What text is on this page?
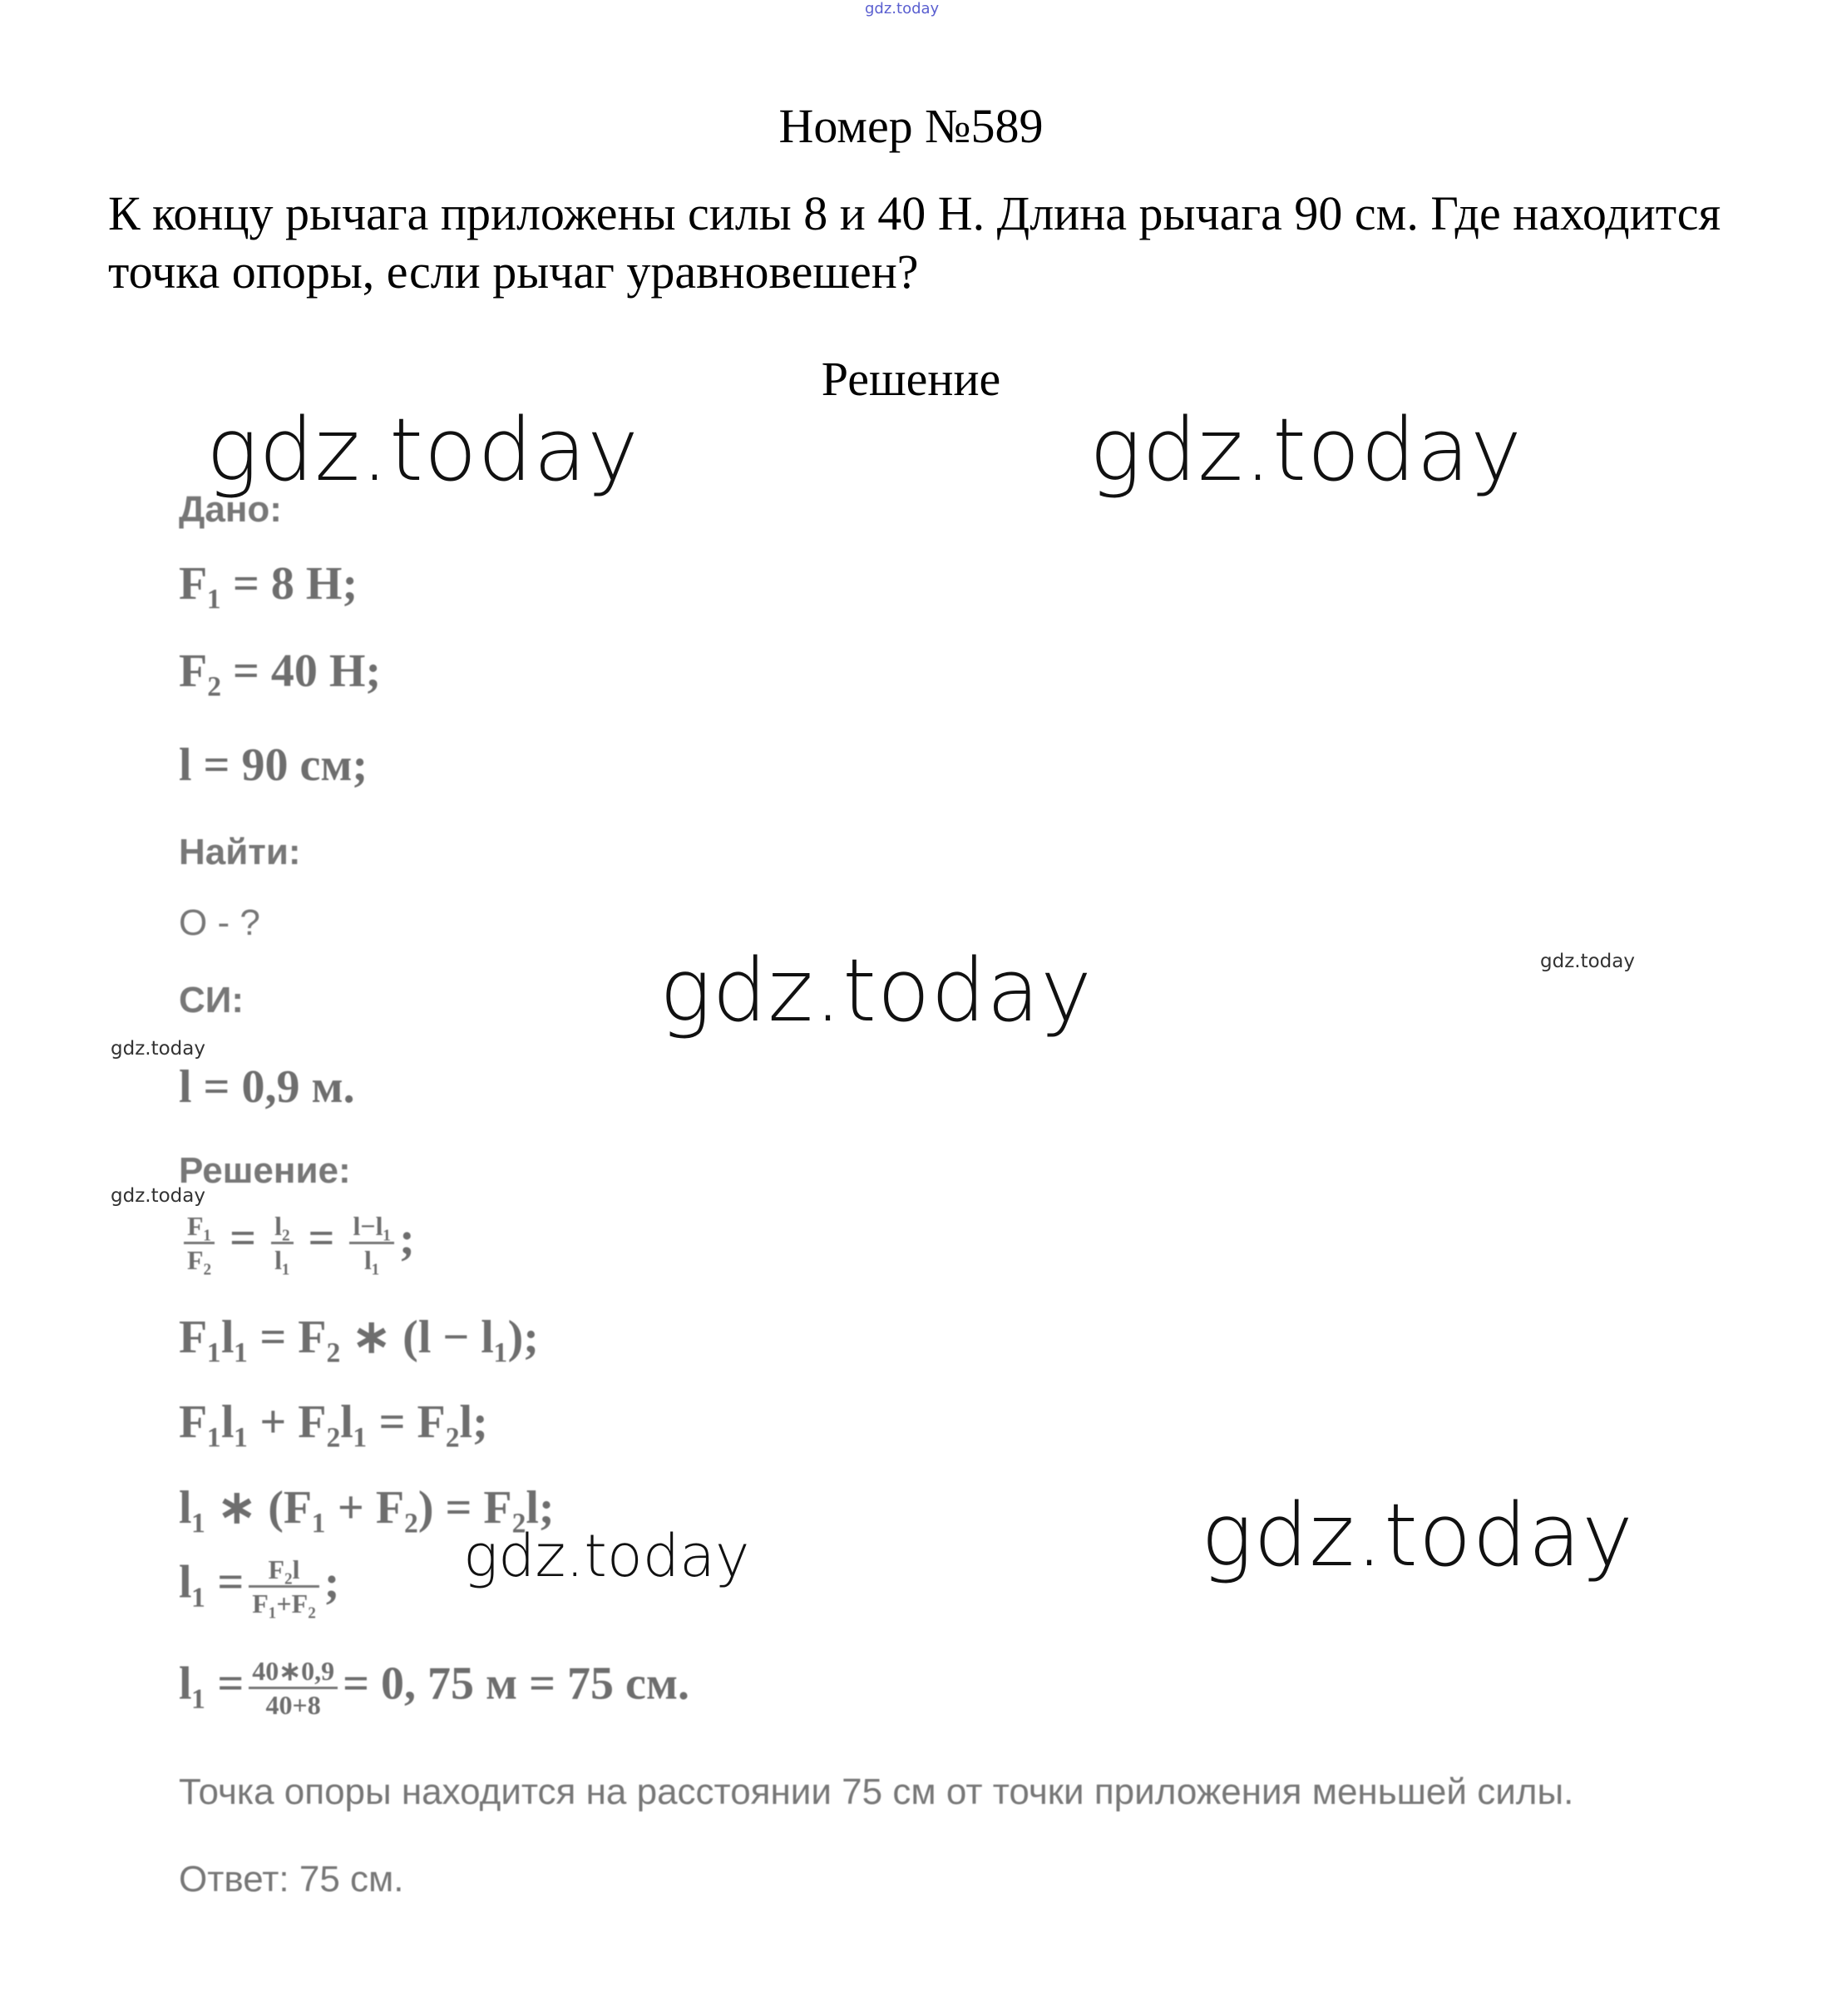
gdz.today
gdz.today	gdz.today
gdz.today
gdz.today
gdz.today
gdz.today
gdz.today
gdz.today
Номер №589
К концу рычага приложены силы 8 и 40 Н. Длина рычага 90 см. Где находится точка опоры, если рычаг уравновешен?
Решение
Дано:
F₁ = 8 Н;
F₂ = 40 Н;
l = 90 см;
Найти:
O - ?
СИ:
l = 0,9 м.
Решение:
$\frac{\text{F₁}}{\text{F₂}} = \frac{\text{l₂}}{\text{l₁}} = \frac{\text{l−l₁}}{\text{l₁}}$ ;
F₁l₁ = F₂ ∗ (l − l₁);
F₁l₁ + F₂l₁ = F₂l;
l₁ ∗ (F₁ + F₂) = F₂l;
$l_1 = \frac{\text{F₂l}}{\text{F₁+F₂}}$ ;
$l_1 = \frac{40∗0,9}{40+8} = 0$, 75 м = 75 см.
Точка опоры находится на расстоянии 75 см от точки приложения меньшей силы.
Ответ: 75 см.
